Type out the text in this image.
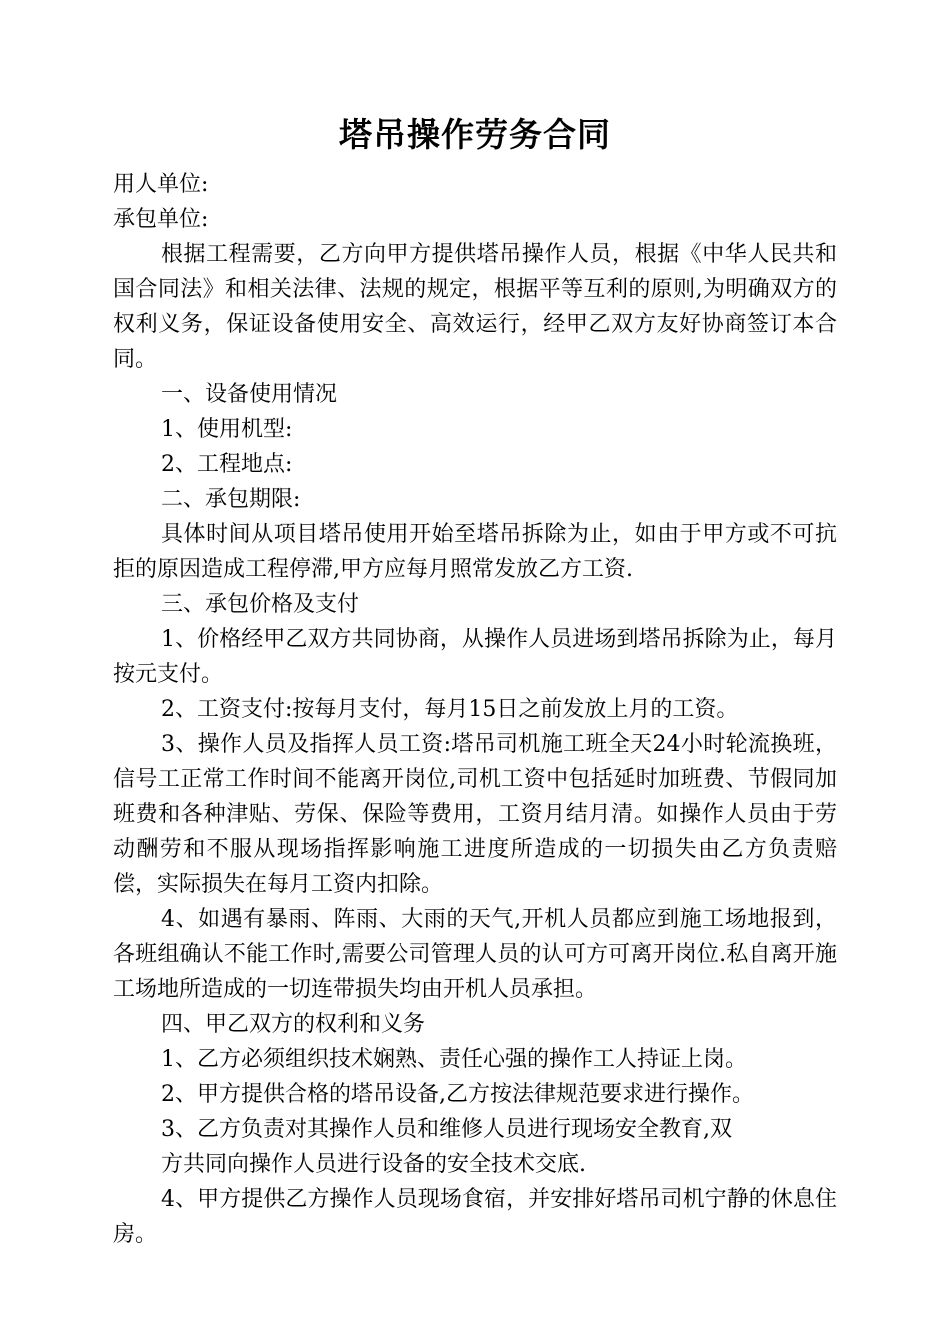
塔吊操作劳务合同

用人单位:

承包单位:

根据工程需要，乙方向甲方提供塔吊操作人员，根据《中华人民共和国合同法》和相关法律、法规的规定，根据平等互利的原则,为明确双方的权利义务，保证设备使用安全、高效运行，经甲乙双方友好协商签订本合同。

一、设备使用情况

1、使用机型:

2、工程地点:

二、承包期限:

具体时间从项目塔吊使用开始至塔吊拆除为止，如由于甲方或不可抗拒的原因造成工程停滞,甲方应每月照常发放乙方工资.

三、承包价格及支付

1、价格经甲乙双方共同协商，从操作人员进场到塔吊拆除为止，每月按元支付。

2、工资支付:按每月支付，每月15日之前发放上月的工资。

3、操作人员及指挥人员工资:塔吊司机施工班全天24小时轮流换班，信号工正常工作时间不能离开岗位,司机工资中包括延时加班费、节假同加班费和各种津贴、劳保、保险等费用，工资月结月清。如操作人员由于劳动酬劳和不服从现场指挥影响施工进度所造成的一切损失由乙方负责赔偿，实际损失在每月工资内扣除。

4、如遇有暴雨、阵雨、大雨的天气,开机人员都应到施工场地报到，各班组确认不能工作时,需要公司管理人员的认可方可离开岗位.私自离开施工场地所造成的一切连带损失均由开机人员承担。

四、甲乙双方的权利和义务

1、乙方必须组织技术娴熟、责任心强的操作工人持证上岗。

2、甲方提供合格的塔吊设备,乙方按法律规范要求进行操作。

3、乙方负责对其操作人员和维修人员进行现场安全教育,双

方共同向操作人员进行设备的安全技术交底.

4、甲方提供乙方操作人员现场食宿，并安排好塔吊司机宁静的休息住房。
